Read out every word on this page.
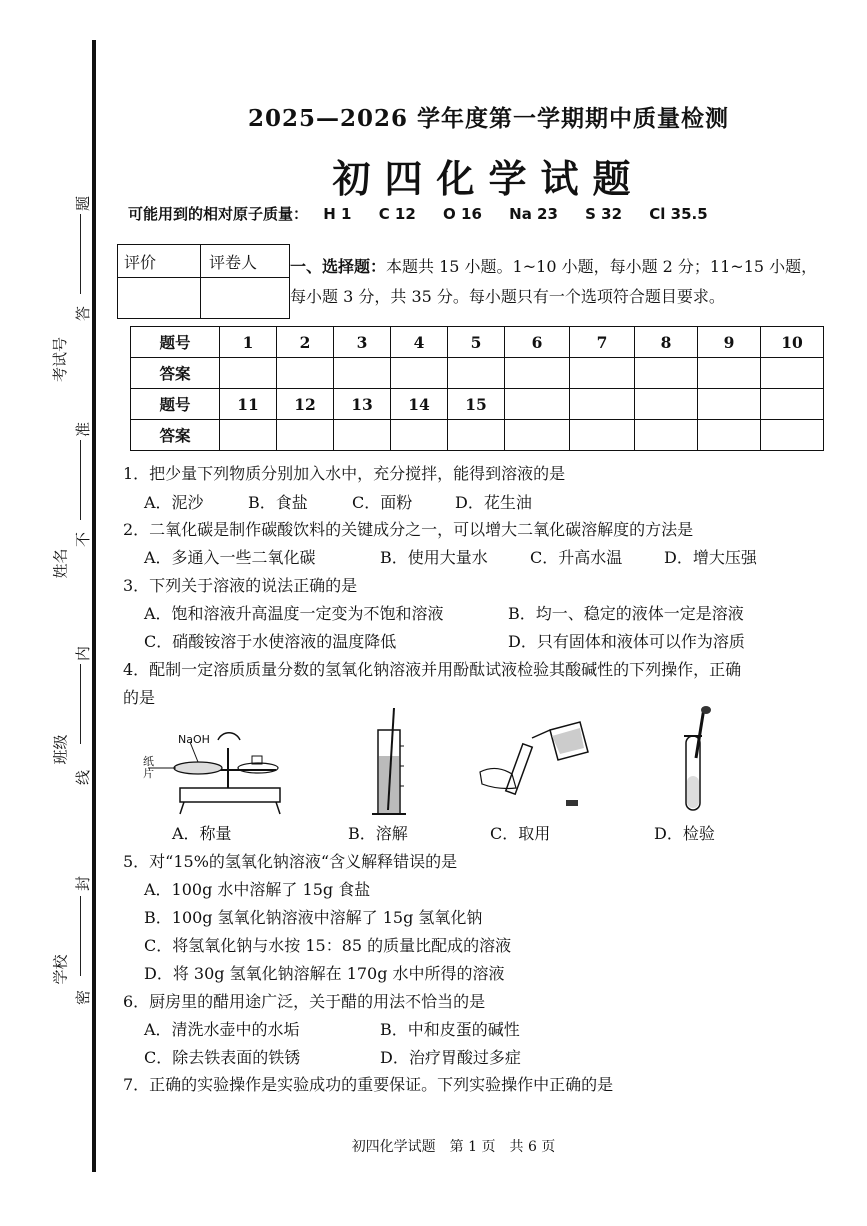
题
答
考试号
准
不
姓名
内
班级
线
封
学校
密
2025—2026 学年度第一学期期中质量检测
初四化学试题
可能用到的相对原子质量： H 1 C 12 O 16 Na 23 S 32 Cl 35.5
评价	评卷人
	一、选择题：本题共 15 小题。1~10 小题，每小题 2 分；11~15 小题，
每小题 3 分，共 35 分。每小题只有一个选项符合题目要求。
题号	1	2	3	4	5	6	7	8	9	10
答案										
题号	11	12	13	14	15					
答案										
1．把少量下列物质分别加入水中，充分搅拌，能得到溶液的是
A．泥沙	B．食盐	C．面粉	D．花生油
2．二氧化碳是制作碳酸饮料的关键成分之一，可以增大二氧化碳溶解度的方法是
A．多通入一些二氧化碳	B．使用大量水	C．升高水温	D．增大压强
3．下列关于溶液的说法正确的是
A．饱和溶液升高温度一定变为不饱和溶液	B．均一、稳定的液体一定是溶液
C．硝酸铵溶于水使溶液的温度降低	D．只有固体和液体可以作为溶质
4．配制一定溶质质量分数的氢氧化钠溶液并用酚酞试液检验其酸碱性的下列操作，正确
的是
NaOH
纸
片
A．称量	B．溶解	C．取用	D．检验
5．对“15%的氢氧化钠溶液“含义解释错误的是
A．100g 水中溶解了 15g 食盐
B．100g 氢氧化钠溶液中溶解了 15g 氢氧化钠
C．将氢氧化钠与水按 15：85 的质量比配成的溶液
D．将 30g 氢氧化钠溶解在 170g 水中所得的溶液
6．厨房里的醋用途广泛，关于醋的用法不恰当的是
A．清洗水壶中的水垢	B．中和皮蛋的碱性
C．除去铁表面的铁锈	D．治疗胃酸过多症
7．正确的实验操作是实验成功的重要保证。下列实验操作中正确的是
初四化学试题　第 1 页　共 6 页
